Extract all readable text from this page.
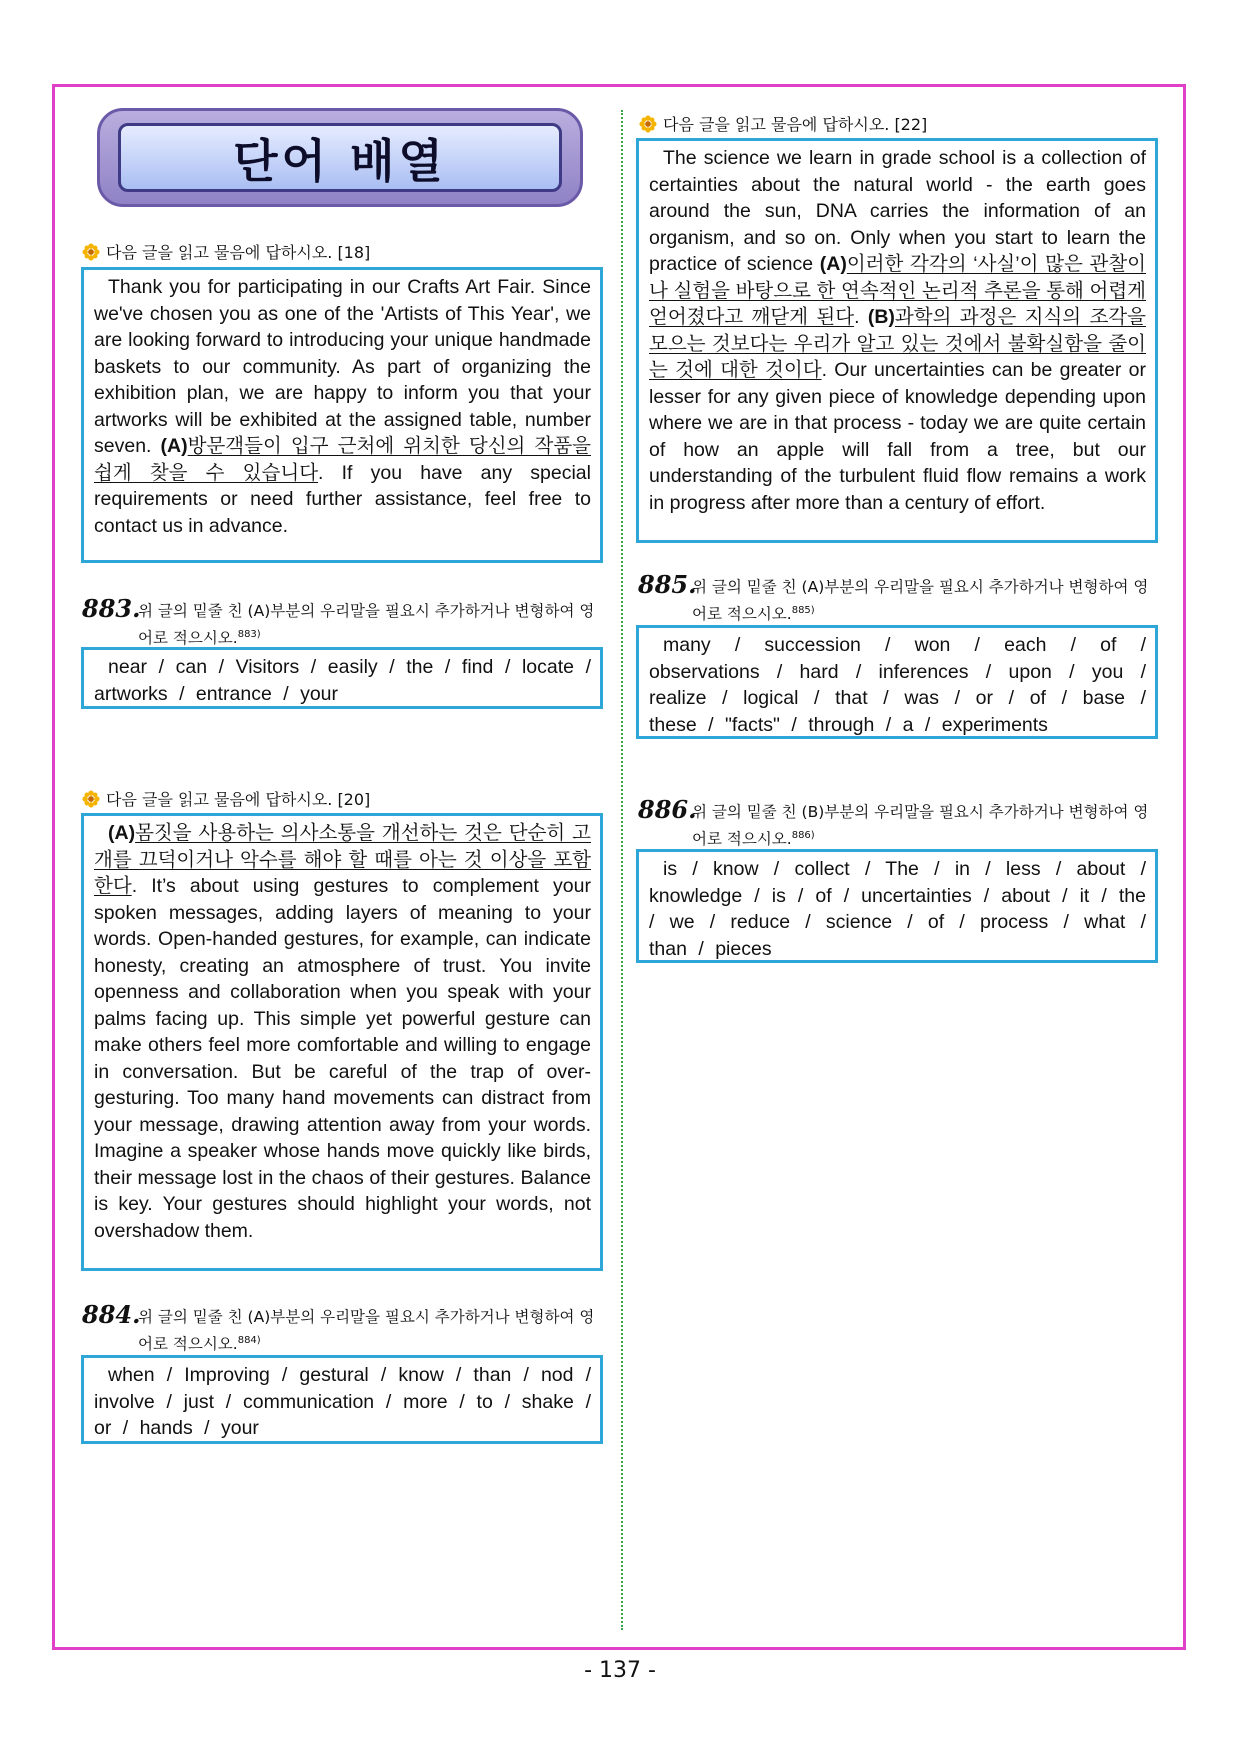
단어 배열
다음 글을 읽고 물음에 답하시오. [18]

Thank you for participating in our Crafts Art Fair. Since we've chosen you as one of the 'Artists of This Year', we are looking forward to introducing your unique handmade baskets to our community. As part of organizing the exhibition plan, we are happy to inform you that your artworks will be exhibited at the assigned table, number seven. (A)방문객들이 입구 근처에 위치한 당신의 작품을 쉽게 찾을 수 있습니다. If you have any special requirements or need further assistance, feel free to contact us in advance.

883.
위 글의 밑줄 친 (A)부분의 우리말을 필요시 추가하거나 변형하여 영어로 적으시오.$^{883)}$

near / can / Visitors / easily / the / find / locate / artworks / entrance / your

다음 글을 읽고 물음에 답하시오. [20]

(A)몸짓을 사용하는 의사소통을 개선하는 것은 단순히 고개를 끄덕이거나 악수를 해야 할 때를 아는 것 이상을 포함한다. It’s about using gestures to complement your spoken messages, adding layers of meaning to your words. Open-handed gestures, for example, can indicate honesty, creating an atmosphere of trust. You invite openness and collaboration when you speak with your palms facing up. This simple yet powerful gesture can make others feel more comfortable and willing to engage in conversation. But be careful of the trap of over-gesturing. Too many hand movements can distract from your message, drawing attention away from your words. Imagine a speaker whose hands move quickly like birds, their message lost in the chaos of their gestures. Balance is key. Your gestures should highlight your words, not overshadow them.

884.
위 글의 밑줄 친 (A)부분의 우리말을 필요시 추가하거나 변형하여 영어로 적으시오.$^{884)}$

when / Improving / gestural / know / than / nod / involve / just / communication / more / to / shake / or / hands / your

다음 글을 읽고 물음에 답하시오. [22]

The science we learn in grade school is a collection of certainties about the natural world - the earth goes around the sun, DNA carries the information of an organism, and so on. Only when you start to learn the practice of science (A)이러한 각각의 ‘사실’이 많은 관찰이나 실험을 바탕으로 한 연속적인 논리적 추론을 통해 어렵게 얻어졌다고 깨닫게 된다. (B)과학의 과정은 지식의 조각을 모으는 것보다는 우리가 알고 있는 것에서 불확실함을 줄이는 것에 대한 것이다. Our uncertainties can be greater or lesser for any given piece of knowledge depending upon where we are in that process - today we are quite certain of how an apple will fall from a tree, but our understanding of the turbulent fluid flow remains a work in progress after more than a century of effort.

885.
위 글의 밑줄 친 (A)부분의 우리말을 필요시 추가하거나 변형하여 영어로 적으시오.$^{885)}$

many / succession / won / each / of / observations / hard / inferences / upon / you / realize / logical / that / was / or / of / base / these / "facts" / through / a / experiments

886.
위 글의 밑줄 친 (B)부분의 우리말을 필요시 추가하거나 변형하여 영어로 적으시오.$^{886)}$

is / know / collect / The / in / less / about / knowledge / is / of / uncertainties / about / it / the / we / reduce / science / of / process / what / than / pieces

- 137 -
